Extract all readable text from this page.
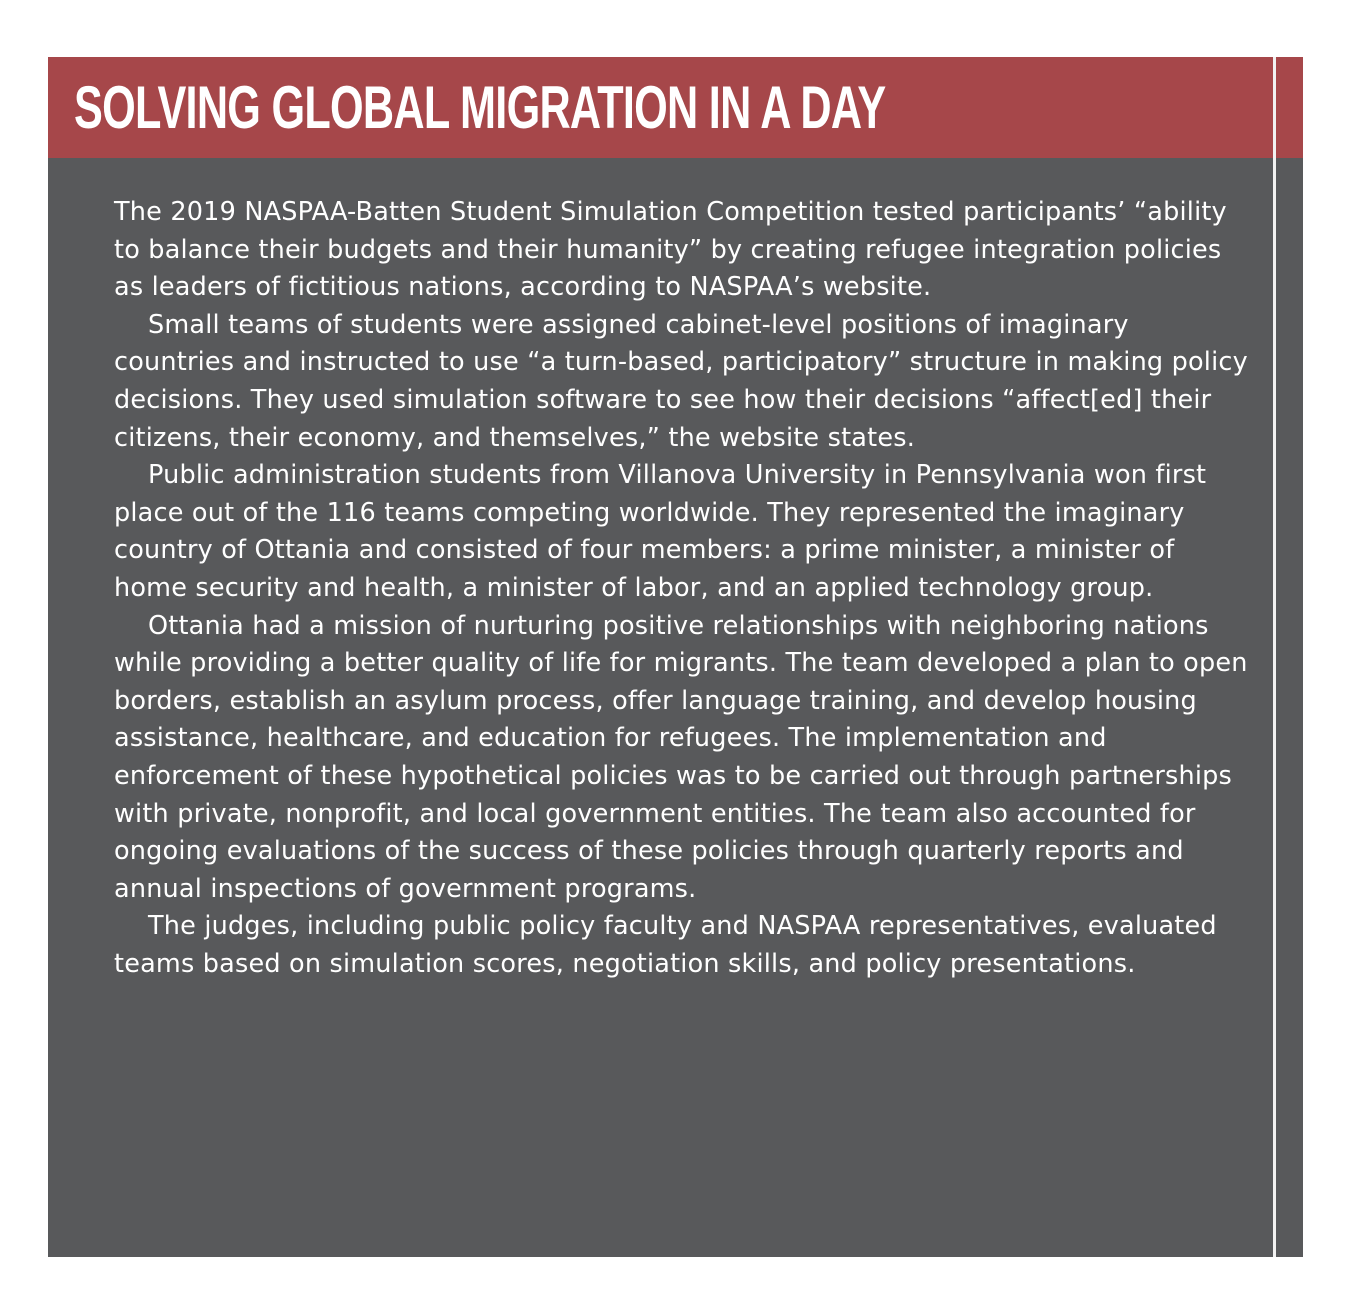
SOLVING GLOBAL MIGRATION IN A DAY

The 2019 NASPAA-Batten Student Simulation Competition tested participants’ “ability to balance their budgets and their humanity” by creating refugee integration policies as leaders of fictitious nations, according to NASPAA’s website.

Small teams of students were assigned cabinet-level positions of imaginary countries and instructed to use “a turn-based, participatory” structure in making policy decisions. They used simulation software to see how their decisions “affect[ed] their citizens, their economy, and themselves,” the website states.

Public administration students from Villanova University in Pennsylvania won first place out of the 116 teams competing worldwide. They represented the imaginary country of Ottania and consisted of four members: a prime minister, a minister of home security and health, a minister of labor, and an applied technology group.

Ottania had a mission of nurturing positive relationships with neighboring nations while providing a better quality of life for migrants. The team developed a plan to open borders, establish an asylum process, offer language training, and develop housing assistance, healthcare, and education for refugees. The implementation and enforcement of these hypothetical policies was to be carried out through partnerships with private, nonprofit, and local government entities. The team also accounted for ongoing evaluations of the success of these policies through quarterly reports and annual inspections of government programs.

The judges, including public policy faculty and NASPAA representatives, evaluated teams based on simulation scores, negotiation skills, and policy presentations.
